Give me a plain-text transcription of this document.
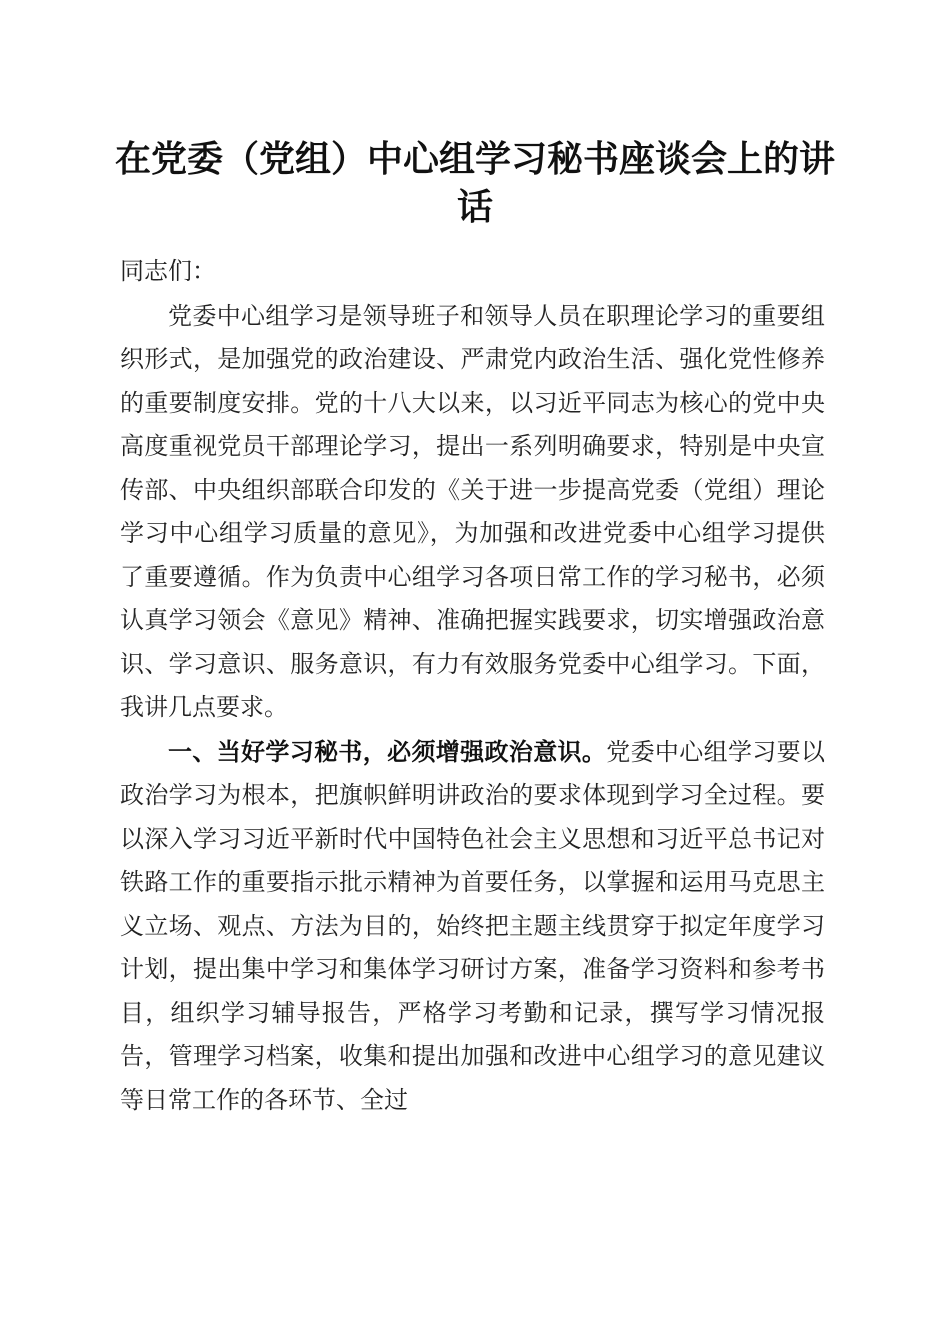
在党委（党组）中心组学习秘书座谈会上的讲话

同志们：

党委中心组学习是领导班子和领导人员在职理论学习的重要组织形式，是加强党的政治建设、严肃党内政治生活、强化党性修养的重要制度安排。党的十八大以来，以习近平同志为核心的党中央高度重视党员干部理论学习，提出一系列明确要求，特别是中央宣传部、中央组织部联合印发的《关于进一步提高党委（党组）理论学习中心组学习质量的意见》，为加强和改进党委中心组学习提供了重要遵循。作为负责中心组学习各项日常工作的学习秘书，必须认真学习领会《意见》精神、准确把握实践要求，切实增强政治意识、学习意识、服务意识，有力有效服务党委中心组学习。下面，我讲几点要求。

一、当好学习秘书，必须增强政治意识。党委中心组学习要以政治学习为根本，把旗帜鲜明讲政治的要求体现到学习全过程。要以深入学习习近平新时代中国特色社会主义思想和习近平总书记对铁路工作的重要指示批示精神为首要任务，以掌握和运用马克思主义立场、观点、方法为目的，始终把主题主线贯穿于拟定年度学习计划，提出集中学习和集体学习研讨方案，准备学习资料和参考书目，组织学习辅导报告，严格学习考勤和记录，撰写学习情况报告，管理学习档案，收集和提出加强和改进中心组学习的意见建议等日常工作的各环节、全过
